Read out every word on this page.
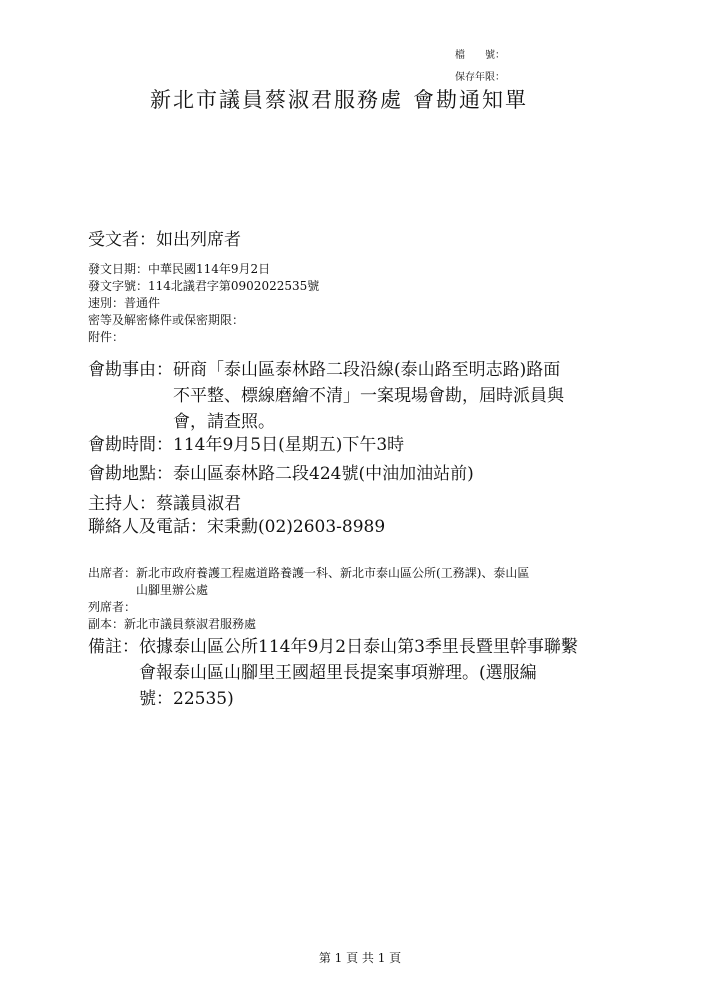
檔　　號：
保存年限：
新北市議員蔡淑君服務處 會勘通知單
受文者： 如出列席者
發文日期：中華民國114年9月2日
發文字號：114北議君字第0902022535號
速別：普通件
密等及解密條件或保密期限：
附件：
會勘事由： 研商「泰山區泰林路二段沿線(泰山路至明志路)路面
不平整、標線磨繪不清」一案現場會勘，屆時派員與
會，請查照。
會勘時間： 114年9月5日(星期五)下午3時
會勘地點： 泰山區泰林路二段424號(中油加油站前)
主持人： 蔡議員淑君
聯絡人及電話： 宋秉勳(02)2603-8989
出席者： 新北市政府養護工程處道路養護一科、新北市泰山區公所(工務課)、泰山區
山腳里辦公處
列席者：
副本： 新北市議員蔡淑君服務處
備註： 依據泰山區公所114年9月2日泰山第3季里長暨里幹事聯繫
會報泰山區山腳里王國超里長提案事項辦理。(選服編
號：22535)
第 1 頁 共 1 頁
